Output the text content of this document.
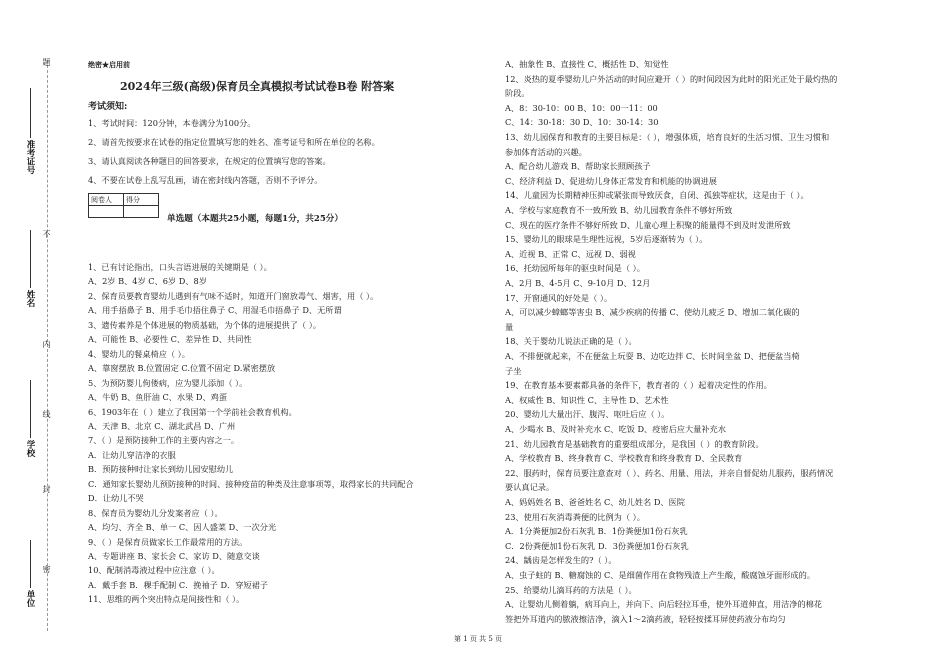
题
不
内
线
封
密
准考证号
姓名
学校
单位
绝密★启用前
2024年三级(高级)保育员全真模拟考试试卷B卷 附答案
考试须知:
1、考试时间：120分钟，本卷满分为100分。
2、请首先按要求在试卷的指定位置填写您的姓名、准考证号和所在单位的名称。
3、请认真阅读各种题目的回答要求，在规定的位置填写您的答案。
4、不要在试卷上乱写乱画，请在密封线内答题，否则不予评分。
阅卷人	得分

单选题（本题共25小题，每题1分，共25分）
1、已有讨论指出，口头言语进展的关键期是（ ）。
A、2岁 B、4岁 C、6岁 D、8岁
2、保育员要教育婴幼儿遇到有气味不适时，知道开门窗放毒气、烟害，用（ ）。
A、用手捂鼻子 B、用手毛巾捂住鼻子 C、用湿毛巾捂鼻子 D、无所谓
3、遗传素养是个体进展的物质基础，为个体的进展提供了（ ）。
A、可能性 B、必要性 C、差异性 D、共同性
4、婴幼儿的餐桌椅应（ ）。
A、靠窗摆放 B.位置固定 C.位置不固定 D.紧密摆放
5、为预防婴儿佝偻病，应为婴儿添加（ ）。
A、牛奶 B、鱼肝油 C、水果 D、鸡蛋
6、1903年在（ ）建立了我国第一个学前社会教育机构。
A、天津 B、北京 C、湖北武昌 D、广州
7、（ ）是预防接种工作的主要内容之一。
A．让幼儿穿洁净的衣服
B．预防接种时让家长到幼儿园安慰幼儿
C．通知家长婴幼儿预防接种的时间、接种疫苗的种类及注意事项等，取得家长的共同配合
D．让幼儿不哭
8、保育员为婴幼儿分发案者应（ ）。
A、均匀、齐全 B、单一 C、因人盛菜 D、一次分光
9、（ ）是保育员做家长工作最常用的方法。
A、专题讲座 B、家长会 C、家访 D、随意交谈
10、配制消毒液过程中应注意（ ）。
A．戴手套 B．稞手配制 C．挽袖子 D．穿短裙子
11、思维的两个突出特点是间接性和（ ）。
A、抽象性 B、直接性 C、概括性 D、知觉性
12、炎热的夏季婴幼儿户外活动的时间应避开（ ）的时间段因为此时的阳光正处于最灼热的
阶段。
A、8：30-10：00 B、10：00一11：00
C、14：30-18：30 D、10：30-14：30
13、幼儿园保育和教育的主要目标是：（ ），增强体质，培育良好的生活习惯、卫生习惯和
参加体育活动的兴趣。
A、配合幼儿游戏 B、帮助家长照顾孩子
C、经济利益 D、促进幼儿身体正常发育和机能的协调进展
14、儿童因为长期精神压抑或紧张而导致厌食，自闭、孤独等症状，这是由于（ ）。
A、学校与家庭教育不一致所致 B、幼儿园教育条件不够好所致
C、现在的医疗条件不够好所致 D、儿童心理上积聚的能量得不到及时发泄所致
15、婴幼儿的眼球是生理性远视，5岁后逐渐转为（ ）。
A、近视 B、正常 C、远视 D、弱视
16、托幼园所每年的驱虫时间是（ ）。
A、2月 B、4-5月 C、9-10月 D、12月
17、开窗通风的好处是（ ）。
A、可以减少蟑螂等害虫 B、减少疾病的传播 C、使幼儿疲乏 D、增加二氧化碳的
量
18、关于婴幼儿说法正确的是（ ）。
A、不排便就起来，不在便盆上玩耍 B、边吃边拌 C、长时间坐盆 D、把便盆当椅
子坐
19、在教育基本要素都具备的条件下，教育者的（ ）起着决定性的作用。
A、权威性 B、知识性 C、主导性 D、艺术性
20、婴幼儿大量出汗、腹泻、呕吐后应（ ）。
A、少喝水 B、及时补充水 C、吃饭 D、疫密后应大量补充水
21、幼儿园教育是基础教育的重要组成部分，是我国（ ）的教育阶段。
A、学校教育 B、终身教育 C、学校教育和终身教育 D、全民教育
22、服药时，保育员要注意查对（ ）、药名、用量、用法，并亲自督促幼儿服药，服药情况
要认真记录。
A、妈妈姓名 B、爸爸姓名 C、幼儿姓名 D、医院
23、使用石灰消毒粪便的比例为（ ）。
A．1分粪便加2份石灰乳 B．1份粪便加1份石灰乳
C．2份粪便加1份石灰乳 D．3份粪便加1份石灰乳
24、龋齿是怎样发生的?（ ）。
A、虫子蛀的 B、糖腐蚀的 C、是细菌作用在食物残渣上产生酸，酸腐蚀牙面形成的。
25、给婴幼儿滴耳药的方法是（ ）。
A、让婴幼儿侧着躺，病耳向上，并向下、向后轻拉耳垂，使外耳道伸直，用洁净的棉花
签把外耳道内的脓液擦洁净，滴入1～2滴药液，轻轻按揉耳屏使药液分布均匀
第 1 页 共 5 页
